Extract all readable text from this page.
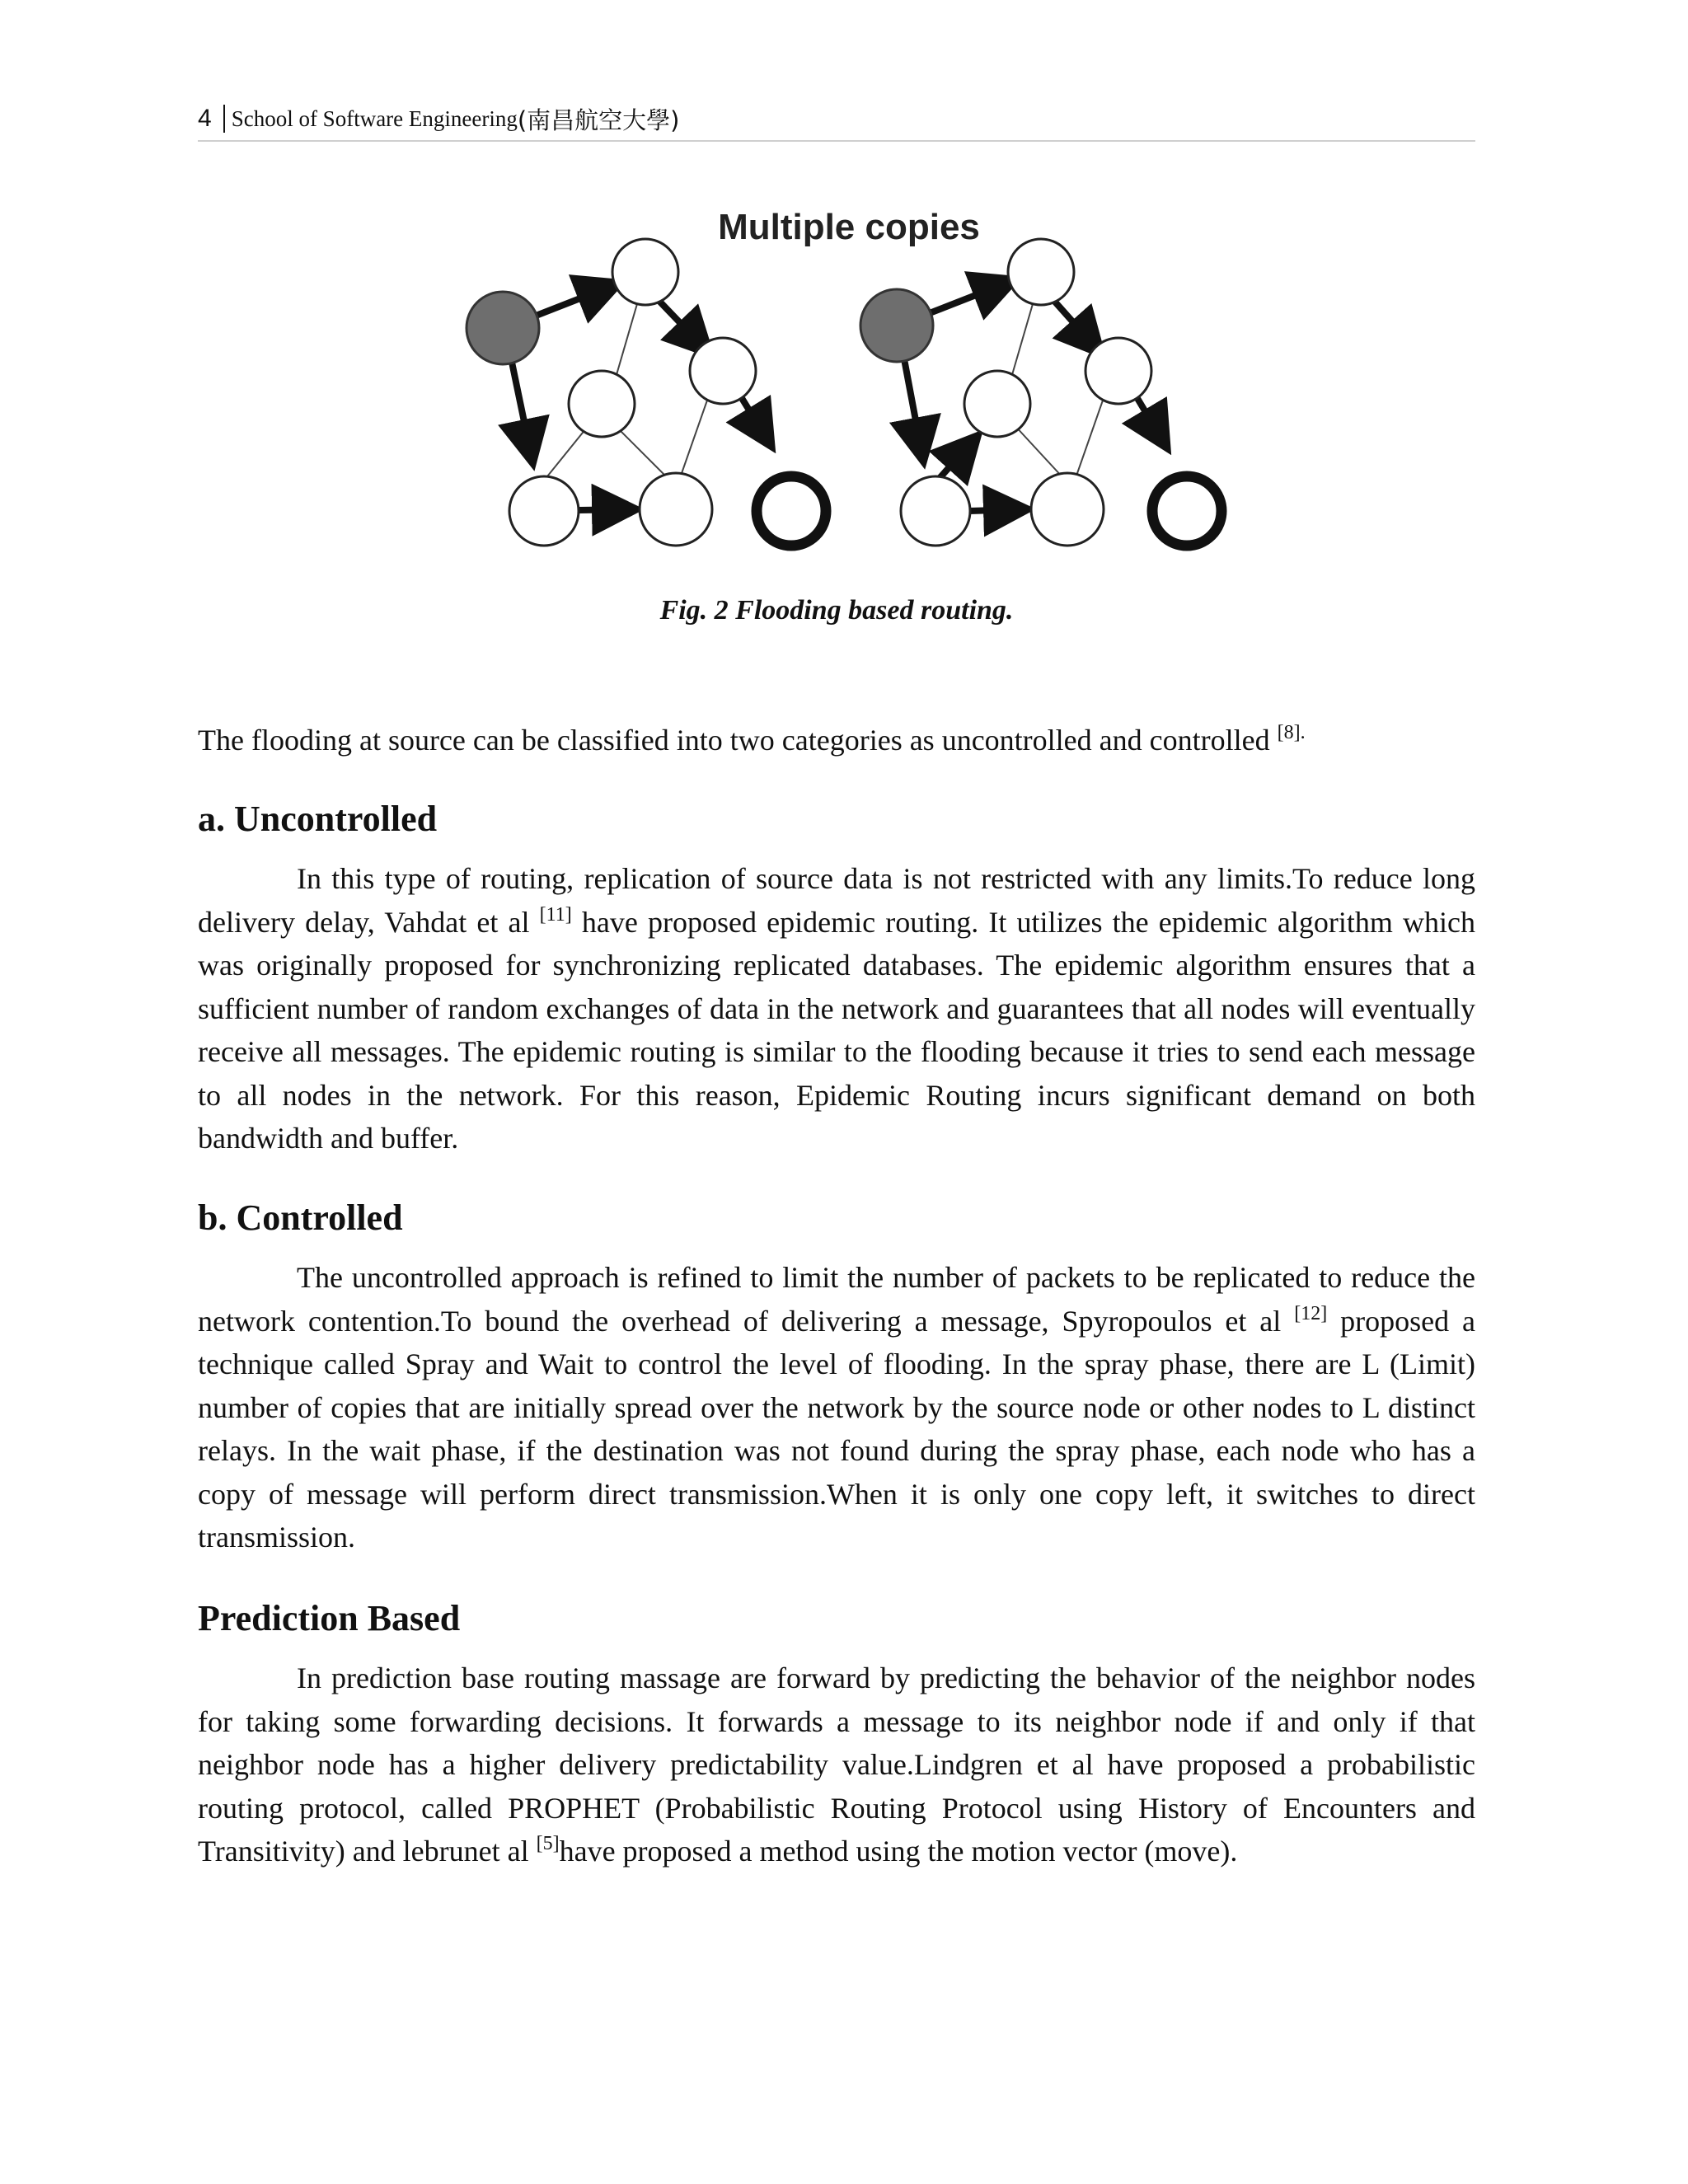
4 School of Software Engineering (南昌航空大學)
Multiple copies
Fig. 2 Flooding based routing.
The flooding at source can be classified into two categories as uncontrolled and controlled $^{[8].}$
a. Uncontrolled
In this type of routing, replication of source data is not restricted with any limits.To reduce long delivery delay, Vahdat et al [11] have proposed epidemic routing. It utilizes the epidemic algorithm which was originally proposed for synchronizing replicated databases. The epidemic algorithm ensures that a sufficient number of random exchanges of data in the network and guarantees that all nodes will eventually receive all messages. The epidemic routing is similar to the flooding because it tries to send each message to all nodes in the network. For this reason, Epidemic Routing incurs significant demand on both bandwidth and buffer.
b. Controlled
The uncontrolled approach is refined to limit the number of packets to be replicated to reduce the network contention.To bound the overhead of delivering a message, Spyropoulos et al [12] proposed a technique called Spray and Wait to control the level of flooding. In the spray phase, there are L (Limit) number of copies that are initially spread over the network by the source node or other nodes to L distinct relays. In the wait phase, if the destination was not found during the spray phase, each node who has a copy of message will perform direct transmission.When it is only one copy left, it switches to direct transmission.
Prediction Based
In prediction base routing massage are forward by predicting the behavior of the neighbor nodes for taking some forwarding decisions. It forwards a message to its neighbor node if and only if that neighbor node has a higher delivery predictability value.Lindgren et al have proposed a probabilistic routing protocol, called PROPHET (Probabilistic Routing Protocol using History of Encounters and Transitivity) and lebrunet al [5]have proposed a method using the motion vector (move).
